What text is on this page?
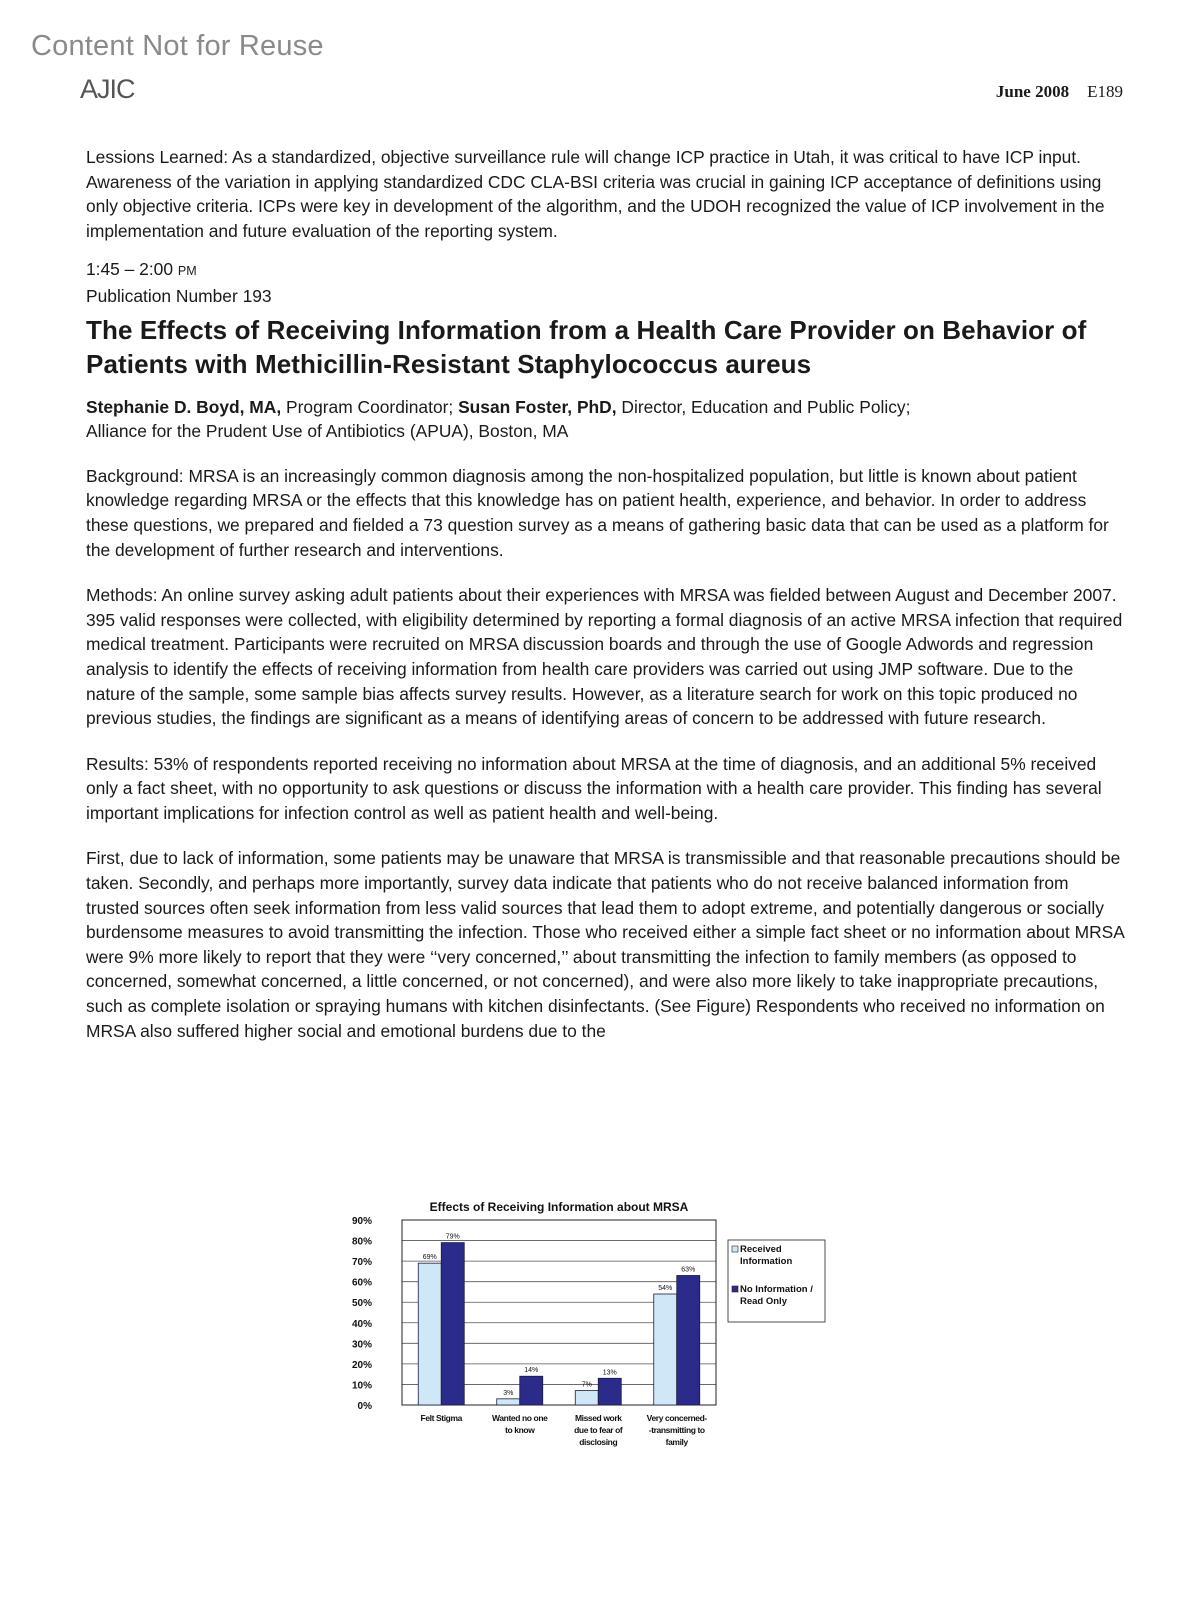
Content Not for Reuse
AJIC	June 2008 E189

Lessions Learned: As a standardized, objective surveillance rule will change ICP practice in Utah, it was critical to have ICP input. Awareness of the variation in applying standardized CDC CLA-BSI criteria was crucial in gaining ICP acceptance of definitions using only objective criteria. ICPs were key in development of the algorithm, and the UDOH recognized the value of ICP involvement in the implementation and future evaluation of the reporting system.

1:45 – 2:00 PM

Publication Number 193

The Effects of Receiving Information from a Health Care Provider on Behavior of Patients with Methicillin-Resistant Staphylococcus aureus

Stephanie D. Boyd, MA, Program Coordinator; Susan Foster, PhD, Director, Education and Public Policy;
Alliance for the Prudent Use of Antibiotics (APUA), Boston, MA

Background: MRSA is an increasingly common diagnosis among the non-hospitalized population, but little is known about patient knowledge regarding MRSA or the effects that this knowledge has on patient health, experience, and behavior. In order to address these questions, we prepared and fielded a 73 question survey as a means of gathering basic data that can be used as a platform for the development of further research and interventions.

Methods: An online survey asking adult patients about their experiences with MRSA was fielded between August and December 2007. 395 valid responses were collected, with eligibility determined by reporting a formal diagnosis of an active MRSA infection that required medical treatment. Participants were recruited on MRSA discussion boards and through the use of Google Adwords and regression analysis to identify the effects of receiving information from health care providers was carried out using JMP software. Due to the nature of the sample, some sample bias affects survey results. However, as a literature search for work on this topic produced no previous studies, the findings are significant as a means of identifying areas of concern to be addressed with future research.

Results: 53% of respondents reported receiving no information about MRSA at the time of diagnosis, and an additional 5% received only a fact sheet, with no opportunity to ask questions or discuss the information with a health care provider. This finding has several important implications for infection control as well as patient health and well-being.

First, due to lack of information, some patients may be unaware that MRSA is transmissible and that reasonable precautions should be taken. Secondly, and perhaps more importantly, survey data indicate that patients who do not receive balanced information from trusted sources often seek information from less valid sources that lead them to adopt extreme, and potentially dangerous or socially burdensome measures to avoid transmitting the infection. Those who received either a simple fact sheet or no information about MRSA were 9% more likely to report that they were ‘‘very concerned,’’ about transmitting the infection to family members (as opposed to concerned, somewhat concerned, a little concerned, or not concerned), and were also more likely to take inappropriate precautions, such as complete isolation or spraying humans with kitchen disinfectants. (See Figure) Respondents who received no information on MRSA also suffered higher social and emotional burdens due to the

Effects of Receiving Information about MRSA
0%
10%
20%
30%
40%
50%
60%
70%
80%
90%
69%
3%
7%
54%
79%
14%	13%
63%
Felt Stigma	Wanted no one
to know
Missed work
due to fear of
disclosing
Very concerned-
-transmitting to
family
Received
Information
No Information /
Read Only
